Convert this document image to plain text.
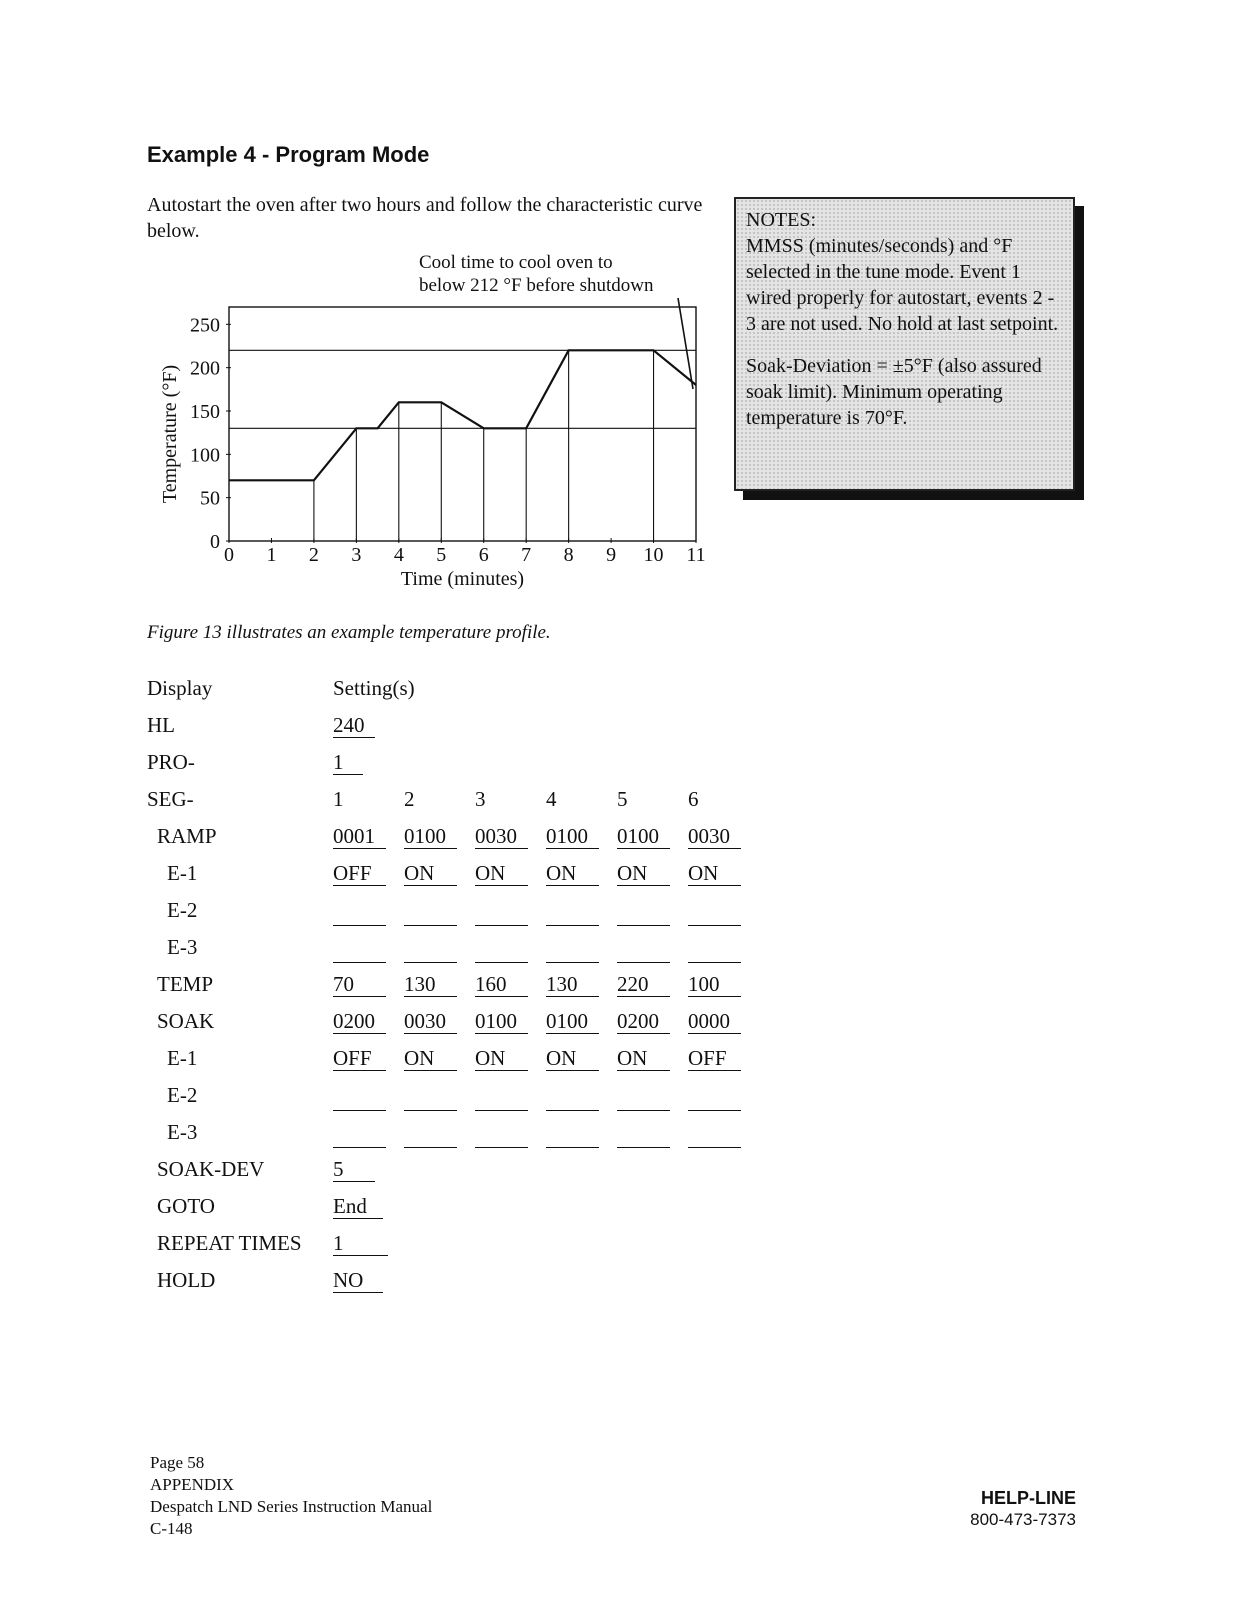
Example 4 - Program Mode
Autostart the oven after two hours and follow the characteristic curve below.	NOTES:

MMSS (minutes/seconds) and °F selected in the tune mode. Event 1 wired properly for autostart, events 2 - 3 are not used. No hold at last setpoint.

Soak-Deviation = ±5°F (also assured soak limit). Minimum operating temperature is 70°F.

0
50
100
150
200
250
0 1 2 3 4 5 6 7 8 9 10 11
Time (minutes)
Temperature (°F)
Cool time to cool oven to
below 212 °F before shutdown
Figure 13 illustrates an example temperature profile.
Display	Setting(s)
HL	240
PRO-	1
SEG-	1	2	3	4	5	6
RAMP	0001	0100	0030	0100	0100	0030
E-1	OFF	ON	ON	ON	ON	ON
E-2
E-3
TEMP	70	130	160	130	220	100
SOAK	0200	0030	0100	0100	0200	0000
E-1	OFF	ON	ON	ON	ON	OFF
E-2
E-3
SOAK-DEV	5
GOTO	End
REPEAT TIMES 1
HOLD	NO
Page 58
APPENDIX
Despatch LND Series Instruction Manual
C-148
HELP-LINE
800-473-7373
